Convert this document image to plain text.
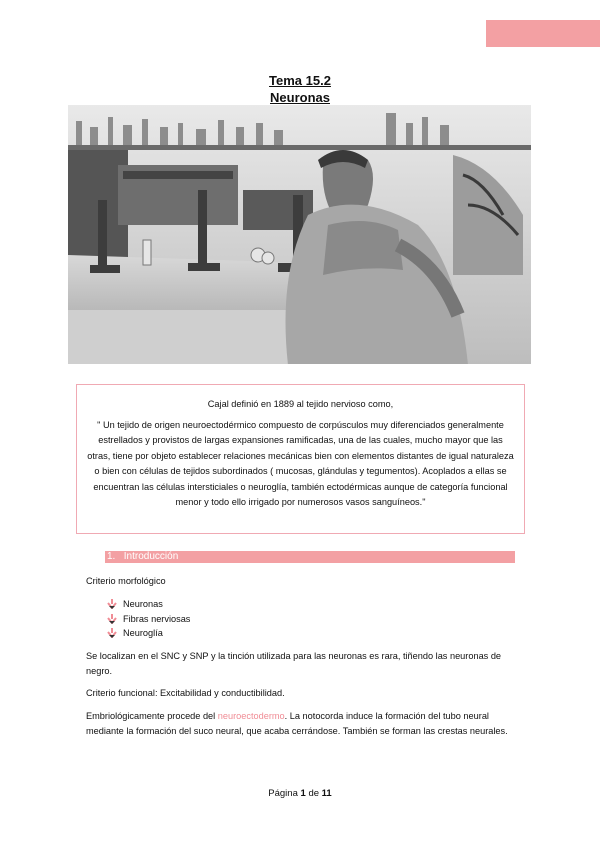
Tema 15.2
Neuronas

Cajal definió en 1889 al tejido nervioso como,

" Un tejido de origen neuroectodérmico compuesto de corpúsculos muy diferenciados generalmente estrellados y provistos de largas expansiones ramificadas, una de las cuales, mucho mayor que las otras, tiene por objeto establecer relaciones mecánicas bien con elementos distantes de igual naturaleza o bien con células de tejidos subordinados ( mucosas, glándulas y tegumentos). Acoplados a ellas se encuentran las células intersticiales o neuroglía, también ectodérmicas aunque de categoría funcional menor y todo ello irrigado por numerosos vasos sanguíneos."

1. Introducción

Criterio morfológico

Neuronas
Fibras nerviosas
Neuroglía

Se localizan en el SNC y SNP y la tinción utilizada para las neuronas es rara, tiñendo las neuronas de negro.

Criterio funcional: Excitabilidad y conductibilidad.

Embriológicamente procede del neuroectodermo. La notocorda induce la formación del tubo neural mediante la formación del suco neural, que acaba cerrándose. También se forman las crestas neurales.

Página 1 de 11
